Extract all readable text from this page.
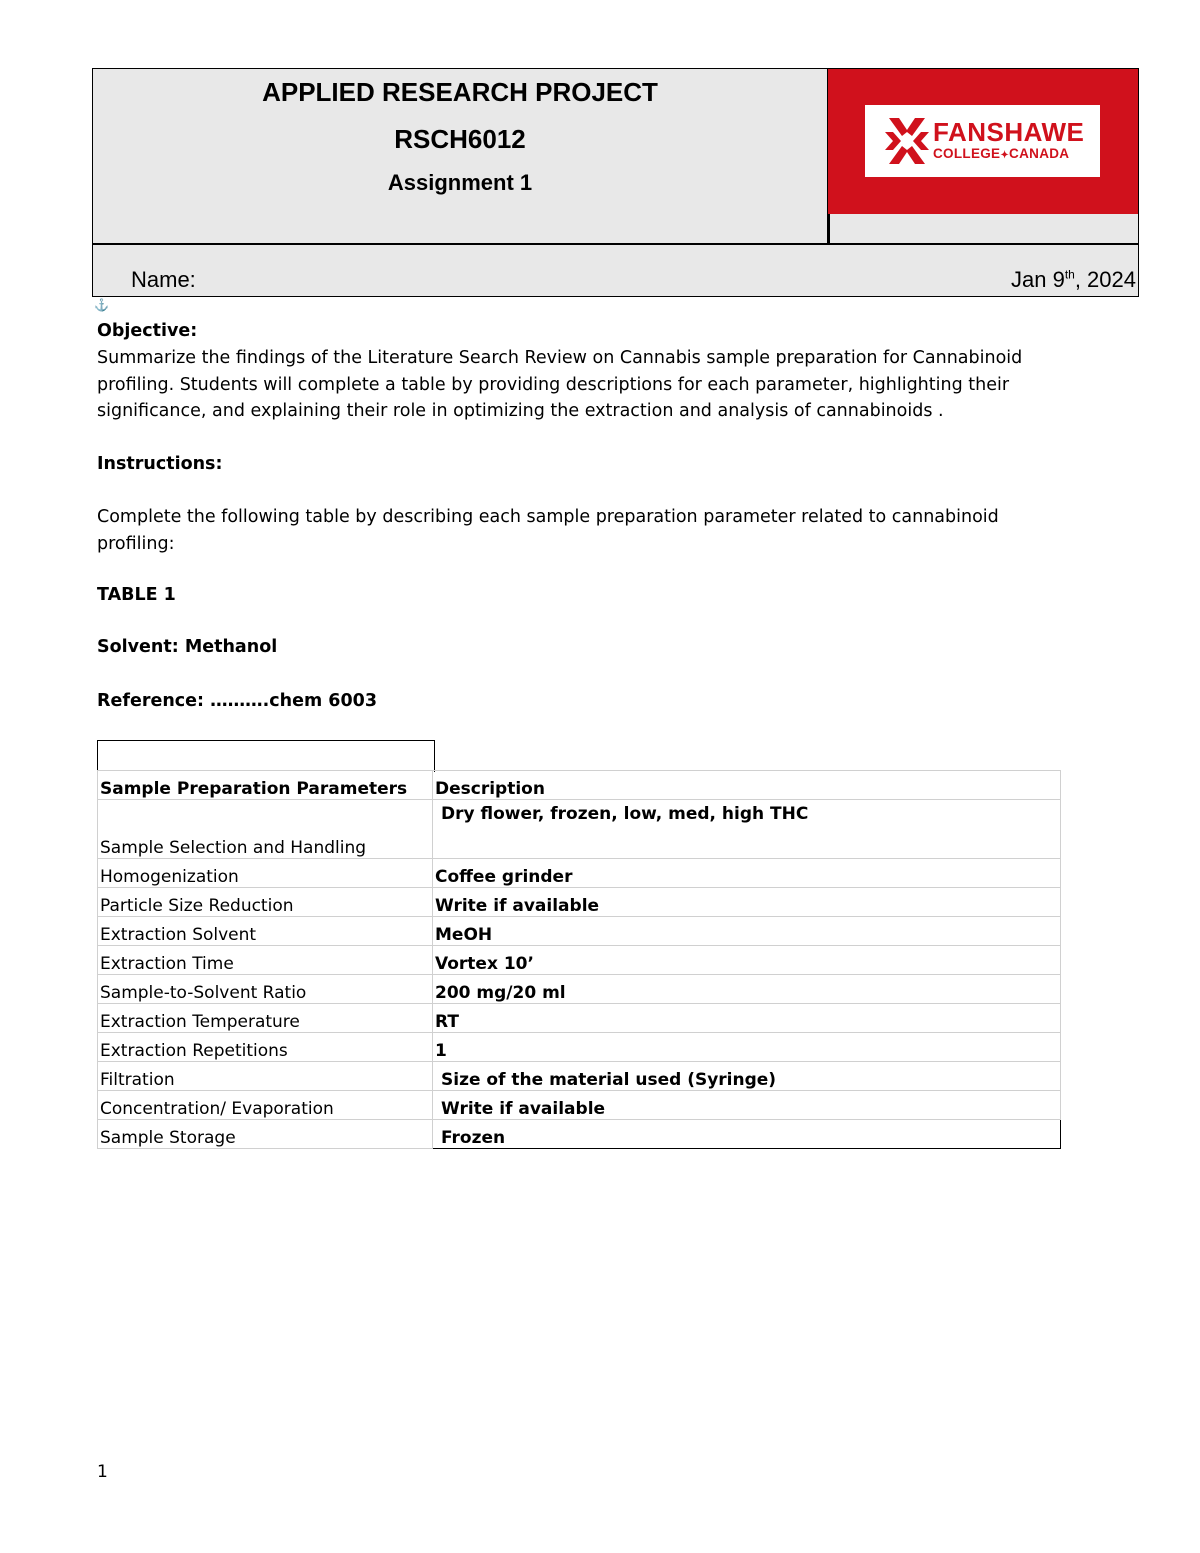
APPLIED RESEARCH PROJECT
RSCH6012
Assignment 1
FANSHAWE
COLLEGE✦CANADA
Name:	Jan 9th, 2024
⚓
Objective:
Summarize the findings of the Literature Search Review on Cannabis sample preparation for Cannabinoid profiling. Students will complete a table by providing descriptions for each parameter, highlighting their significance, and explaining their role in optimizing the extraction and analysis of cannabinoids .
Instructions:
Complete the following table by describing each sample preparation parameter related to cannabinoid profiling:
TABLE 1
Solvent: Methanol
Reference: ……….chem 6003
Sample Preparation Parameters	Description
Sample Selection and Handling	Dry flower, frozen, low, med, high THC
Homogenization	Coffee grinder
Particle Size Reduction	Write if available
Extraction Solvent	MeOH
Extraction Time	Vortex 10’
Sample-to-Solvent Ratio	200 mg/20 ml
Extraction Temperature	RT
Extraction Repetitions	1
Filtration	Size of the material used (Syringe)
Concentration/ Evaporation	Write if available
Sample Storage	Frozen
1
